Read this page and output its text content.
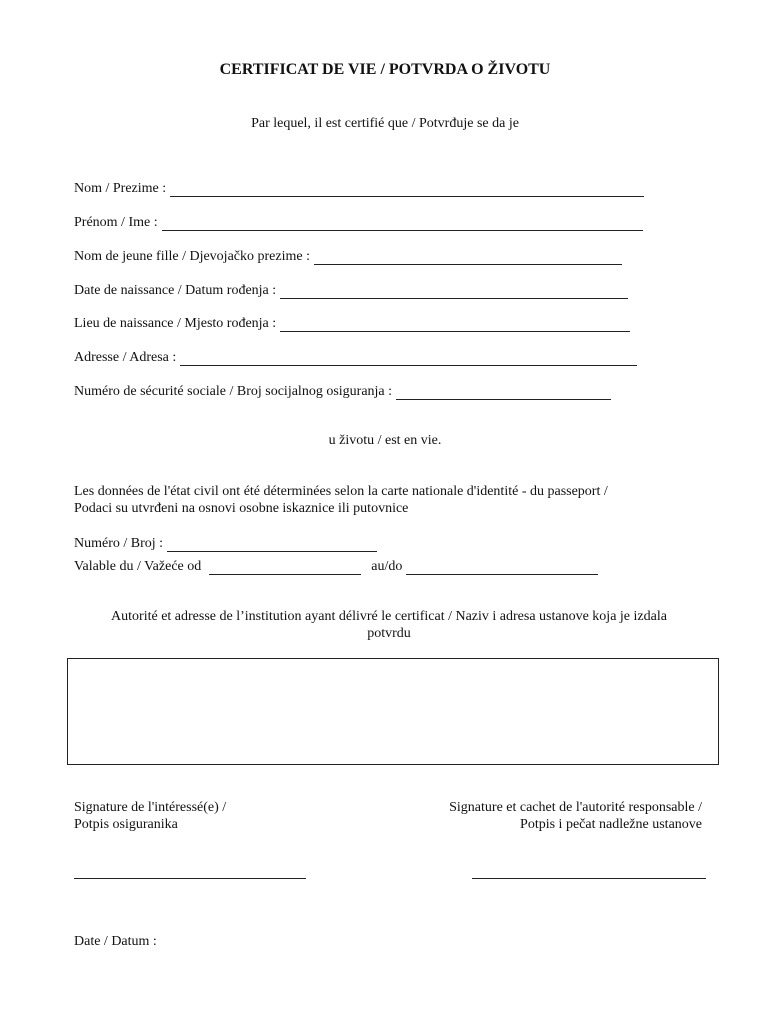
CERTIFICAT DE VIE / POTVRDA O ŽIVOTU
Par lequel, il est certifié que / Potvrđuje se da je
Nom / Prezime :
Prénom / Ime :
Nom de jeune fille / Djevojačko prezime :
Date de naissance / Datum rođenja :
Lieu de naissance / Mjesto rođenja :
Adresse / Adresa :
Numéro de sécurité sociale / Broj socijalnog osiguranja :
u životu / est en vie.
Les données de l'état civil ont été déterminées selon la carte nationale d'identité - du passeport /
Podaci su utvrđeni na osnovi osobne iskaznice ili putovnice
Numéro / Broj :
Valable du / Važeće od	au/do
Autorité et adresse de l’institution ayant délivré le certificat / Naziv i adresa ustanove koja je izdala
potvrdu
Signature de l'intéressé(e) /
Potpis osiguranika
Signature et cachet de l'autorité responsable /
Potpis i pečat nadležne ustanove
Date / Datum :
